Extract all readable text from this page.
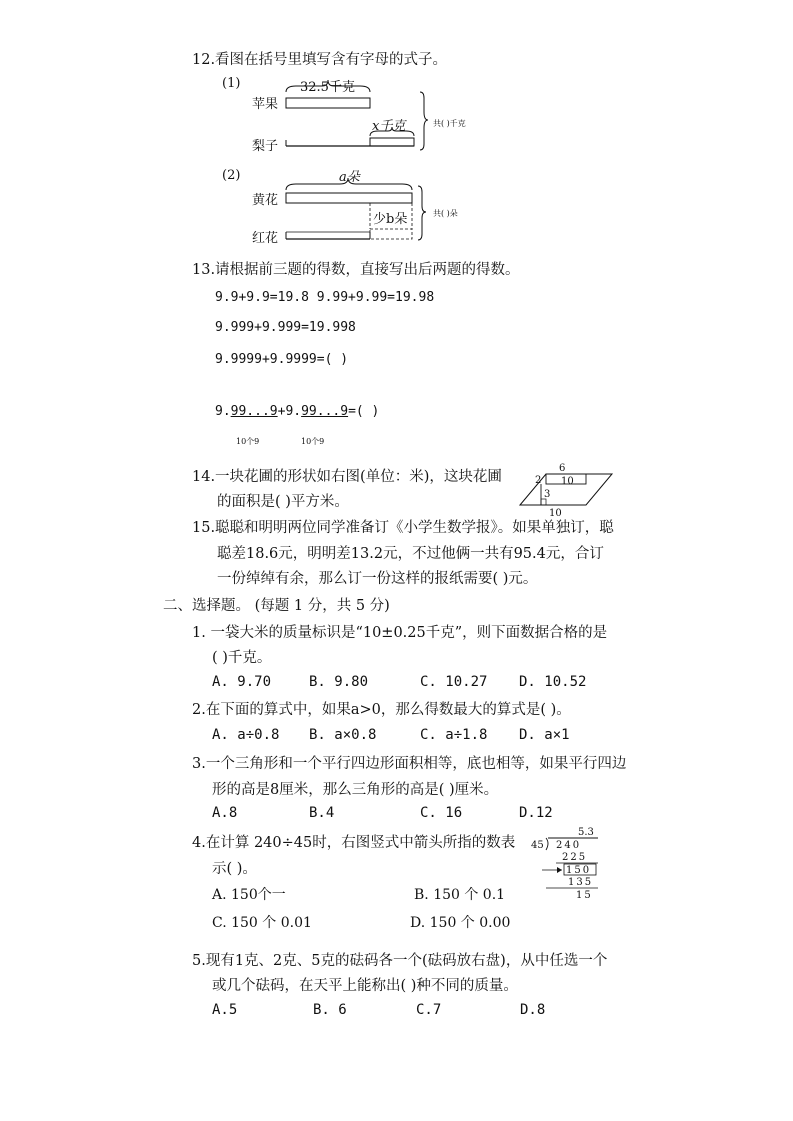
12.看图在括号里填写含有字母的式子。
(1)	32.5千克
苹果
梨子
x千克	共( )千克
(2)	a朵
黄花
红花
少b朵	共( )朵
13.请根据前三题的得数，直接写出后两题的得数。
9.9+9.9=19.8 9.99+9.99=19.98
9.999+9.999=19.998
9.9999+9.9999=( )
9.99...9+9.99...9=( )
10个9	10个9
14.一块花圃的形状如右图(单位：米)，这块花圃
的面积是( )平方米。
6
2 10
3
10
15.聪聪和明明两位同学准备订《小学生数学报》。如果单独订，聪
聪差18.6元，明明差13.2元，不过他俩一共有95.4元，合订
一份绰绰有余，那么订一份这样的报纸需要( )元。
二、选择题。 (每题 1 分，共 5 分)
1. 一袋大米的质量标识是“10±0.25千克”，则下面数据合格的是
( )千克。
A. 9.70	B. 9.80	C. 10.27 D. 10.52
2.在下面的算式中，如果a>0，那么得数最大的算式是( )。
A. a÷0.8 B. a×0.8	C. a÷1.8 D. a×1
3.一个三角形和一个平行四边形面积相等，底也相等，如果平行四边
形的高是8厘米，那么三角形的高是( )厘米。
A.8	B.4	C. 16	D.12
4.在计算 240÷45时，右图竖式中箭头所指的数表
示( )。
A. 150个一	B. 150 个 0.1
C. 150 个 0.01	D. 150 个 0.00
5.3
45 240
225
150
135
15
5.现有1克、2克、5克的砝码各一个(砝码放右盘)，从中任选一个
或几个砝码，在天平上能称出( )种不同的质量。
A.5	B. 6	C.7	D.8
